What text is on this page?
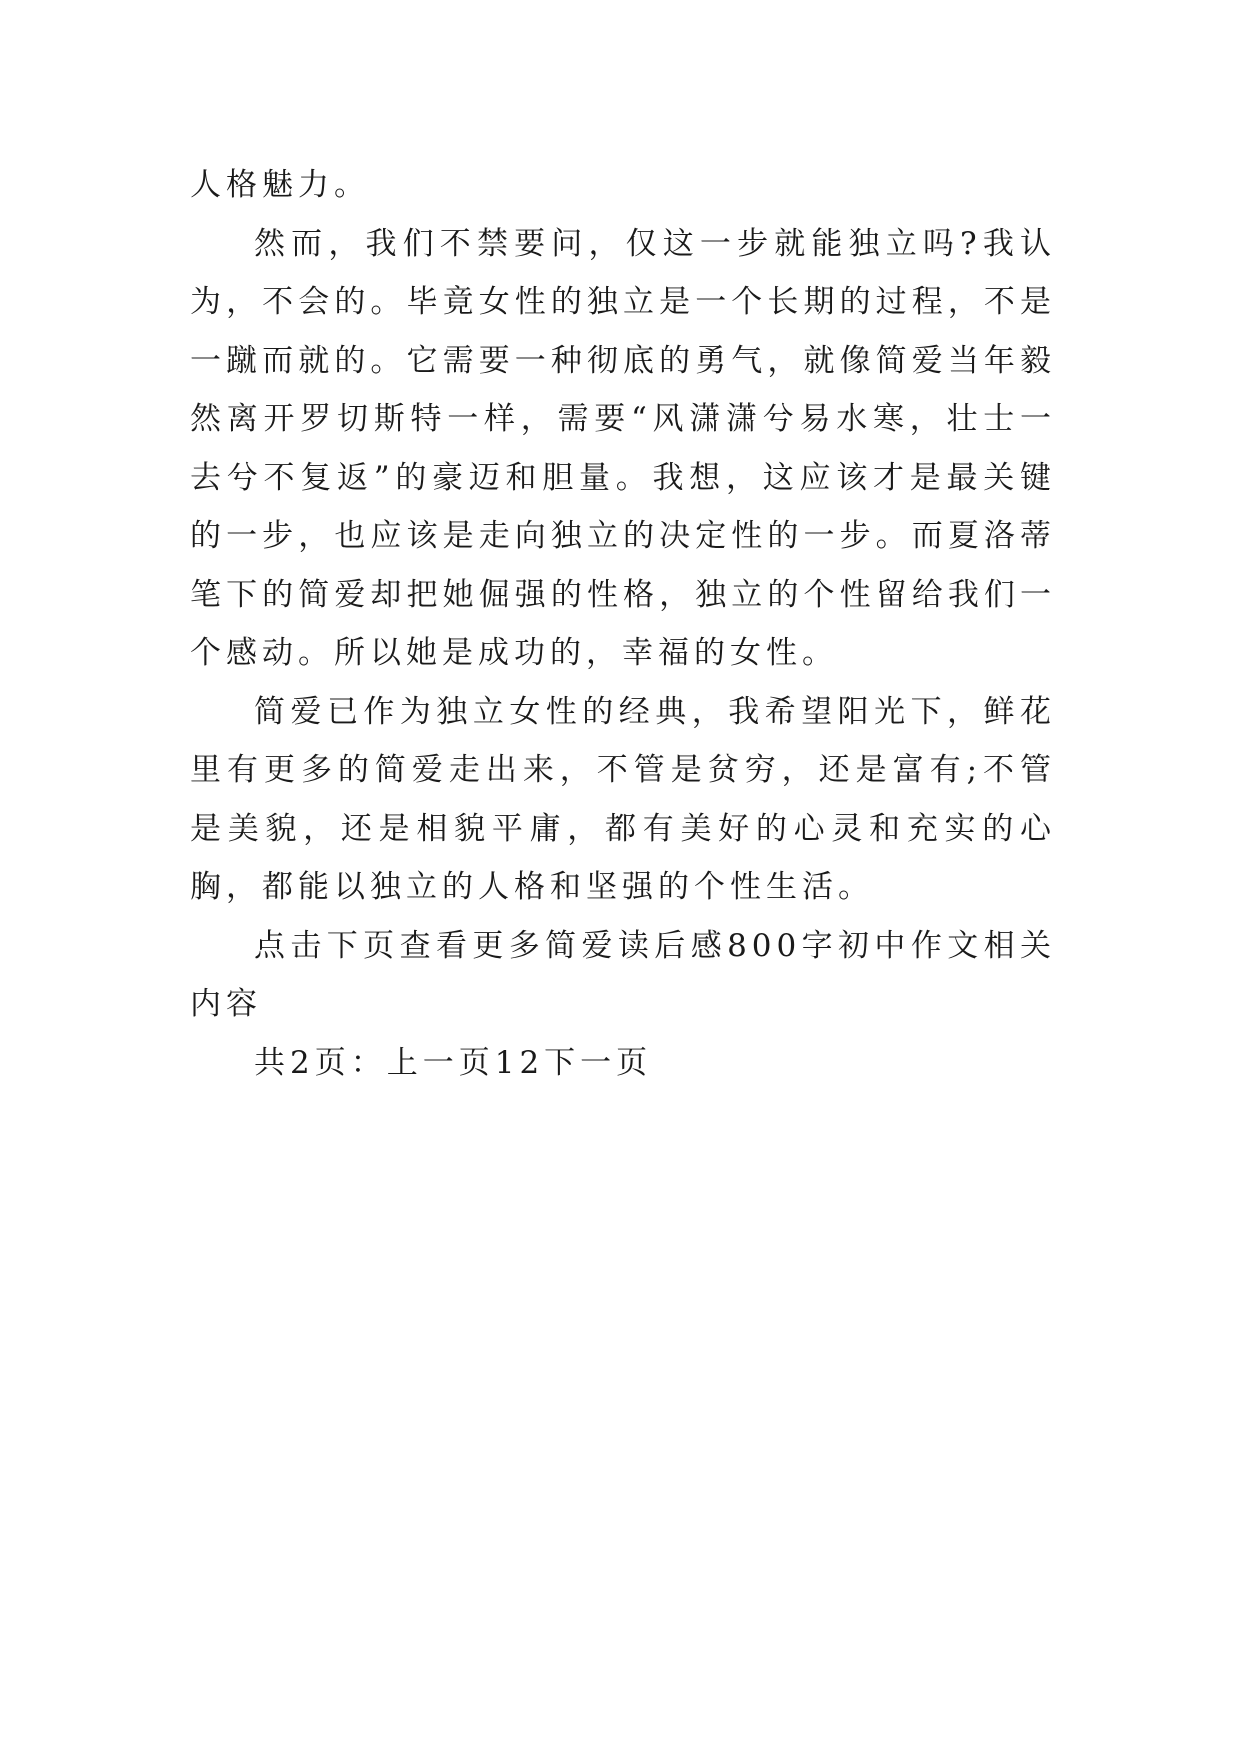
人格魅力。

然而，我们不禁要问，仅这一步就能独立吗?我认为，不会的。毕竟女性的独立是一个长期的过程，不是一蹴而就的。它需要一种彻底的勇气，就像简爱当年毅然离开罗切斯特一样，需要“风潇潇兮易水寒，壮士一去兮不复返”的豪迈和胆量。我想，这应该才是最关键的一步，也应该是走向独立的决定性的一步。而夏洛蒂笔下的简爱却把她倔强的性格，独立的个性留给我们一个感动。所以她是成功的，幸福的女性。

简爱已作为独立女性的经典，我希望阳光下，鲜花里有更多的简爱走出来，不管是贫穷，还是富有;不管是美貌，还是相貌平庸，都有美好的心灵和充实的心胸，都能以独立的人格和坚强的个性生活。

点击下页查看更多简爱读后感800字初中作文相关内容

共2页：上一页12下一页
